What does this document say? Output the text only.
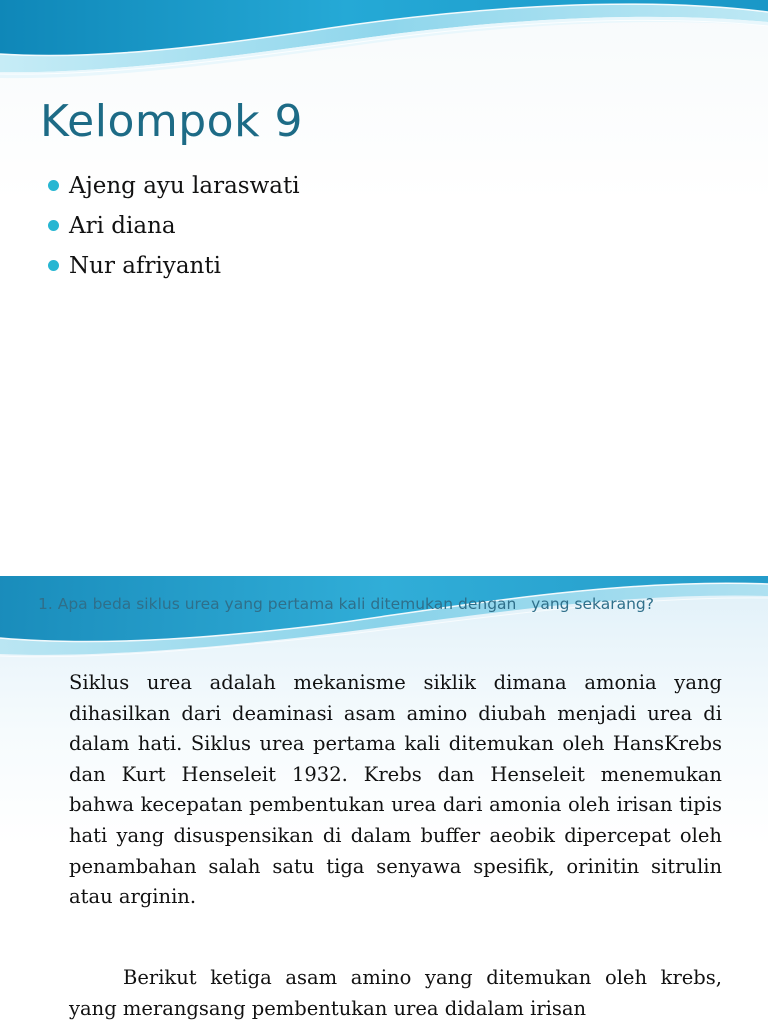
Kelompok 9
Ajeng ayu laraswati
Ari diana
Nur afriyanti

1. Apa beda siklus urea yang pertama kali ditemukan dengan   yang sekarang?

Siklus urea adalah mekanisme siklik dimana amonia yang dihasilkan dari deaminasi asam amino diubah menjadi urea di dalam hati. Siklus urea pertama kali ditemukan oleh HansKrebs dan Kurt Henseleit 1932. Krebs dan Henseleit menemukan bahwa kecepatan pembentukan urea dari amonia oleh irisan tipis hati yang disuspensikan di dalam buffer aeobik dipercepat oleh penambahan salah satu tiga senyawa spesifik, orinitin sitrulin atau arginin.

Berikut ketiga asam amino yang ditemukan oleh krebs, yang merangsang pembentukan urea didalam irisan
